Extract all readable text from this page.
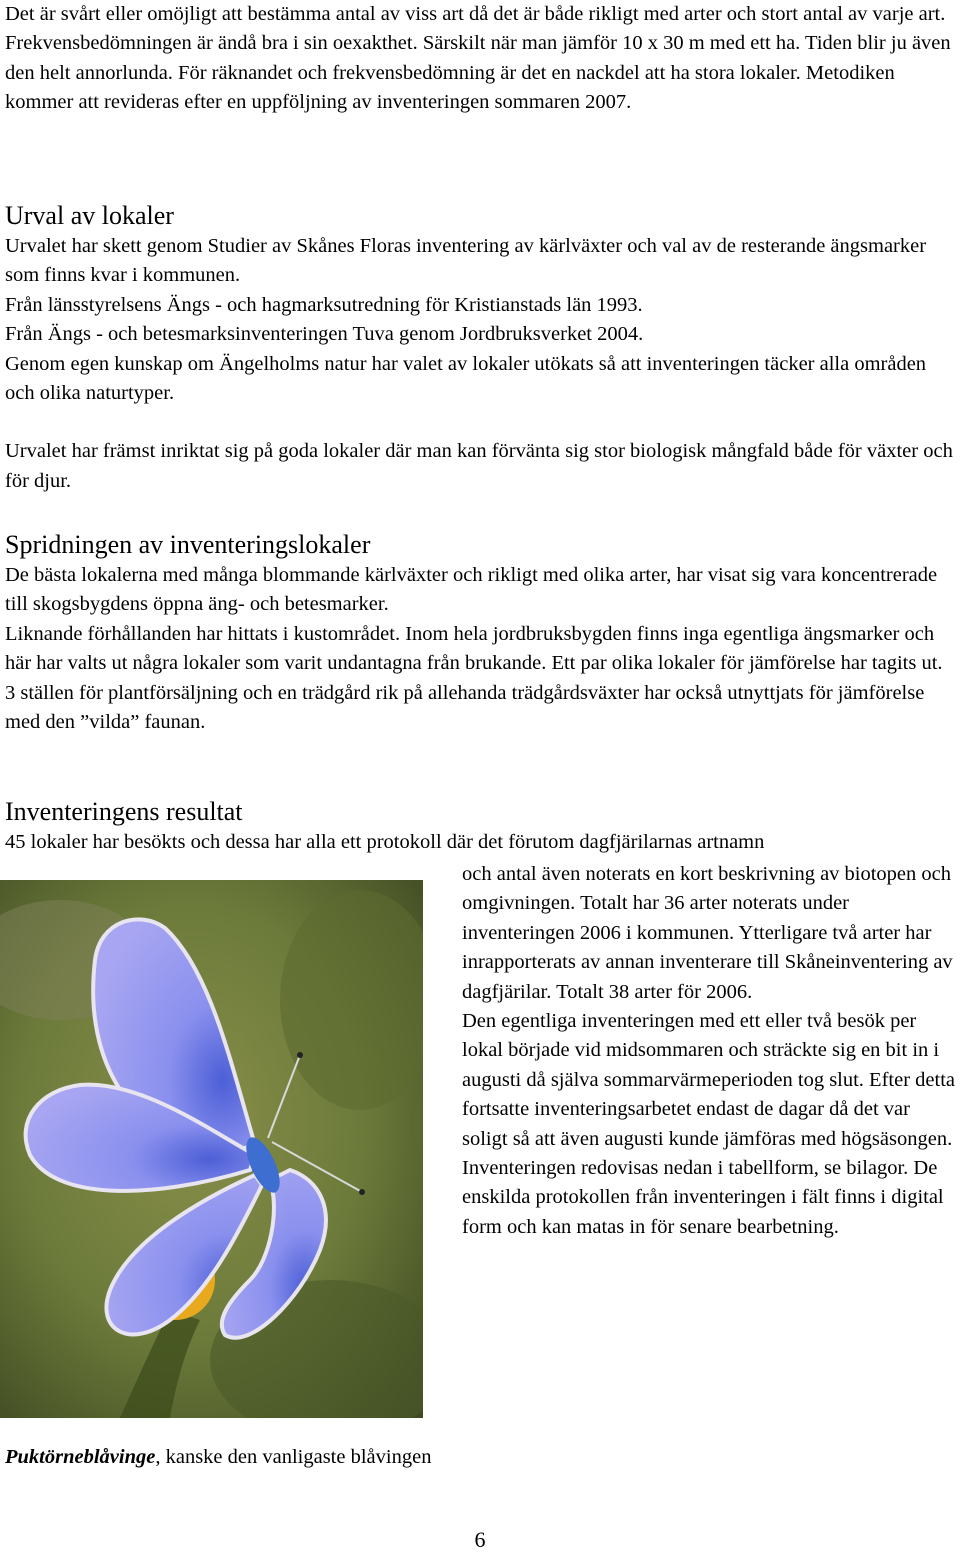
Det är svårt eller omöjligt att bestämma antal av viss art då det är både rikligt med arter och stort antal av varje art.

Frekvensbedömningen är ändå bra i sin oexakthet. Särskilt när man jämför 10 x 30 m med ett ha. Tiden blir ju även den helt annorlunda. För räknandet och frekvensbedömning är det en nackdel att ha stora lokaler. Metodiken kommer att revideras efter en uppföljning av inventeringen sommaren 2007.

Urval av lokaler

Urvalet har skett genom Studier av Skånes Floras inventering av kärlväxter och val av de resterande ängsmarker som finns kvar i kommunen.

Från länsstyrelsens Ängs - och hagmarksutredning för Kristianstads län 1993.

Från Ängs - och betesmarksinventeringen Tuva genom Jordbruksverket 2004.

Genom egen kunskap om Ängelholms natur har valet av lokaler utökats så att inventeringen täcker alla områden och olika naturtyper.

Urvalet har främst inriktat sig på goda lokaler där man kan förvänta sig stor biologisk mångfald både för växter och för djur.

Spridningen av inventeringslokaler

De bästa lokalerna med många blommande kärlväxter och rikligt med olika arter, har visat sig vara koncentrerade till skogsbygdens öppna äng- och betesmarker.

Liknande förhållanden har hittats i kustområdet. Inom hela jordbruksbygden finns inga egentliga ängsmarker och här har valts ut några lokaler som varit undantagna från brukande. Ett par olika lokaler för jämförelse har tagits ut. 3 ställen för plantförsäljning och en trädgård rik på allehanda trädgårdsväxter har också utnyttjats för jämförelse med den ”vilda” faunan.

Inventeringens resultat

45 lokaler har besökts och dessa har alla ett protokoll där det förutom dagfjärilarnas artnamn

och antal även noterats en kort beskrivning av biotopen och omgivningen. Totalt har 36 arter noterats under inventeringen 2006 i kommunen. Ytterligare två arter har inrapporterats av annan inventerare till Skåneinventering av dagfjärilar. Totalt 38 arter för 2006.

Den egentliga inventeringen med ett eller två besök per lokal började vid midsommaren och sträckte sig en bit in i augusti då själva sommarvärmeperioden tog slut. Efter detta fortsatte inventeringsarbetet endast de dagar då det var soligt så att även augusti kunde jämföras med högsäsongen.

Inventeringen redovisas nedan i tabellform, se bilagor. De enskilda protokollen från inventeringen i fält finns i digital form och kan matas in för senare bearbetning.

Puktörneblåvinge, kanske den vanligaste blåvingen
6
